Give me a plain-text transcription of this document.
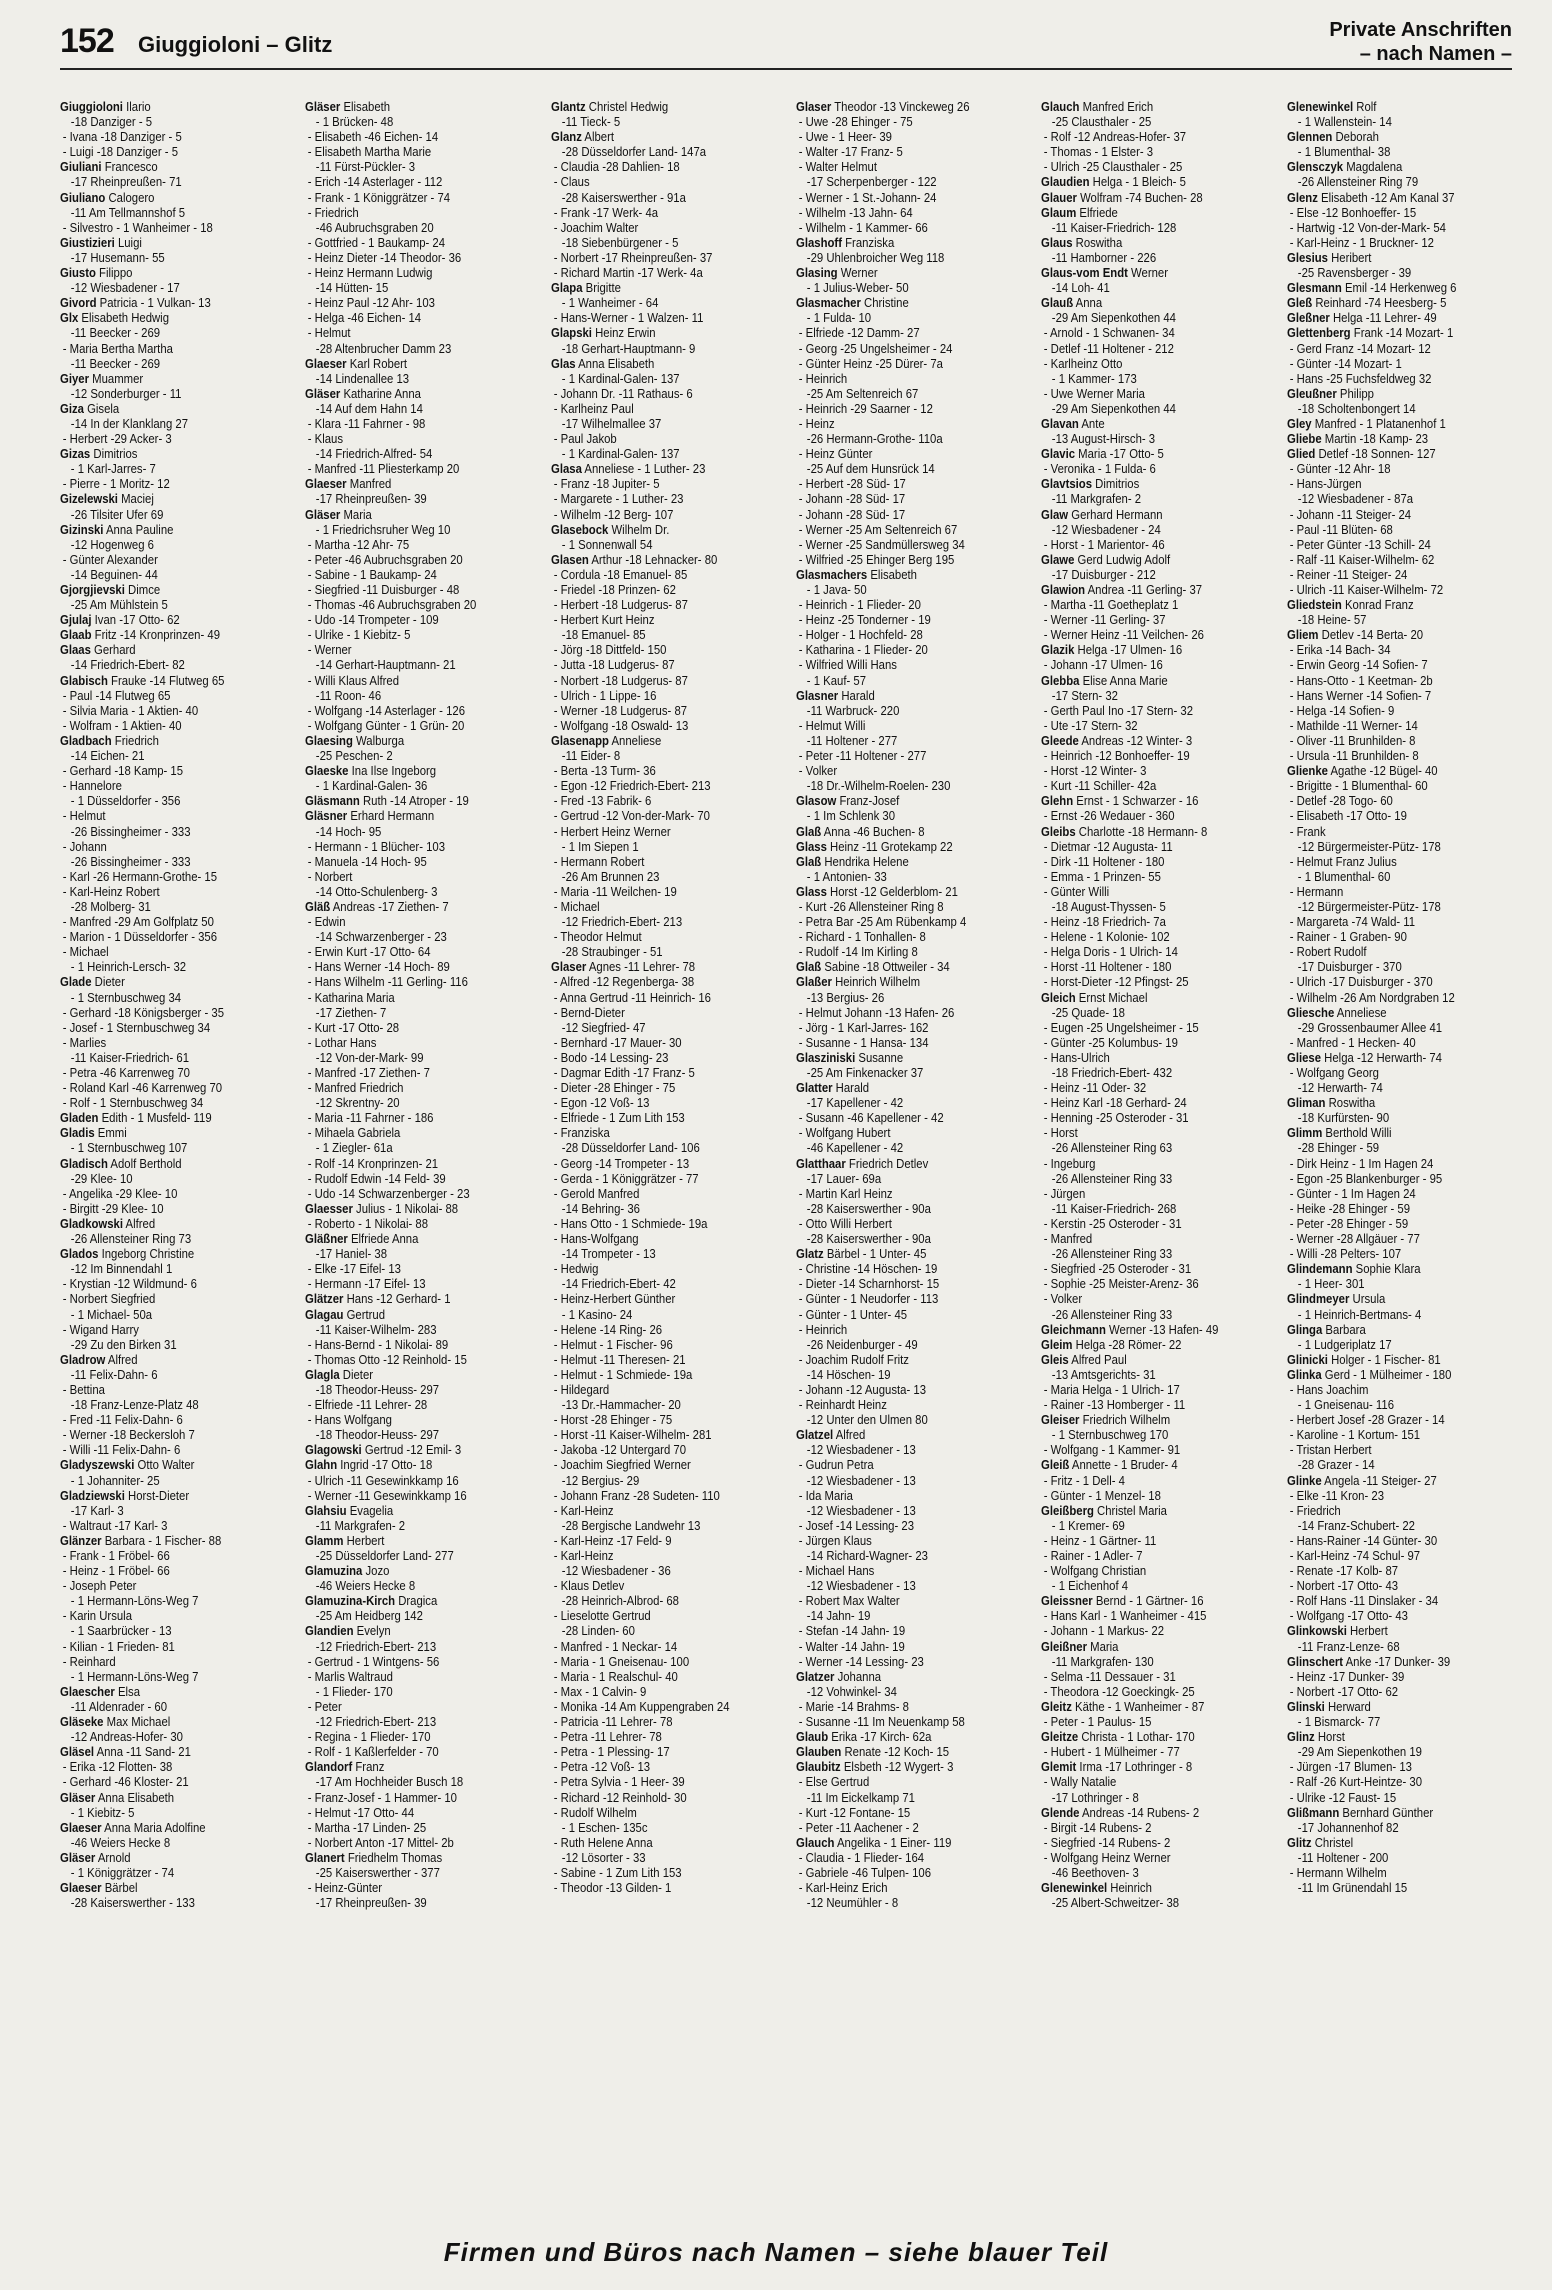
152 Giuggioloni – Glitz
Private Anschriften
– nach Namen –
Giuggioloni Ilario
-18 Danziger - 5
- Ivana -18 Danziger - 5
- Luigi -18 Danziger - 5
Giuliani Francesco
-17 Rheinpreußen- 71
Giuliano Calogero
-11 Am Tellmannshof 5
- Silvestro - 1 Wanheimer - 18
Giustizieri Luigi
-17 Husemann- 55
Giusto Filippo
-12 Wiesbadener - 17
Givord Patricia - 1 Vulkan- 13
Glx Elisabeth Hedwig
-11 Beecker - 269
- Maria Bertha Martha
-11 Beecker - 269
Giyer Muammer
-12 Sonderburger - 11
Giza Gisela
-14 In der Klanklang 27
- Herbert -29 Acker- 3
Gizas Dimitrios
- 1 Karl-Jarres- 7
- Pierre - 1 Moritz- 12
Gizelewski Maciej
-26 Tilsiter Ufer 69
Gizinski Anna Pauline
-12 Hogenweg 6
- Günter Alexander
-14 Beguinen- 44
Gjorgjievski Dimce
-25 Am Mühlstein 5
Gjulaj Ivan -17 Otto- 62
Glaab Fritz -14 Kronprinzen- 49
Glaas Gerhard
-14 Friedrich-Ebert- 82
Glabisch Frauke -14 Flutweg 65
- Paul -14 Flutweg 65
- Silvia Maria - 1 Aktien- 40
- Wolfram - 1 Aktien- 40
Gladbach Friedrich
-14 Eichen- 21
- Gerhard -18 Kamp- 15
- Hannelore
- 1 Düsseldorfer - 356
- Helmut
-26 Bissingheimer - 333
- Johann
-26 Bissingheimer - 333
- Karl -26 Hermann-Grothe- 15
- Karl-Heinz Robert
-28 Molberg- 31
- Manfred -29 Am Golfplatz 50
- Marion - 1 Düsseldorfer - 356
- Michael
- 1 Heinrich-Lersch- 32
Glade Dieter
- 1 Sternbuschweg 34
- Gerhard -18 Königsberger - 35
- Josef - 1 Sternbuschweg 34
- Marlies
-11 Kaiser-Friedrich- 61
- Petra -46 Karrenweg 70
- Roland Karl -46 Karrenweg 70
- Rolf - 1 Sternbuschweg 34
Gladen Edith - 1 Musfeld- 119
Gladis Emmi
- 1 Sternbuschweg 107
Gladisch Adolf Berthold
-29 Klee- 10
- Angelika -29 Klee- 10
- Birgitt -29 Klee- 10
Gladkowski Alfred
-26 Allensteiner Ring 73
Glados Ingeborg Christine
-12 Im Binnendahl 1
- Krystian -12 Wildmund- 6
- Norbert Siegfried
- 1 Michael- 50a
- Wigand Harry
-29 Zu den Birken 31
Gladrow Alfred
-11 Felix-Dahn- 6
- Bettina
-18 Franz-Lenze-Platz 48
- Fred -11 Felix-Dahn- 6
- Werner -18 Beckersloh 7
- Willi -11 Felix-Dahn- 6
Gladyszewski Otto Walter
- 1 Johanniter- 25
Gladziewski Horst-Dieter
-17 Karl- 3
- Waltraut -17 Karl- 3
Glänzer Barbara - 1 Fischer- 88
- Frank - 1 Fröbel- 66
- Heinz - 1 Fröbel- 66
- Joseph Peter
- 1 Hermann-Löns-Weg 7
- Karin Ursula
- 1 Saarbrücker - 13
- Kilian - 1 Frieden- 81
- Reinhard
- 1 Hermann-Löns-Weg 7
Glaescher Elsa
-11 Aldenrader - 60
Gläseke Max Michael
-12 Andreas-Hofer- 30
Gläsel Anna -11 Sand- 21
- Erika -12 Flotten- 38
- Gerhard -46 Kloster- 21
Gläser Anna Elisabeth
- 1 Kiebitz- 5
Glaeser Anna Maria Adolfine
-46 Weiers Hecke 8
Gläser Arnold
- 1 Königgrätzer - 74
Glaeser Bärbel
-28 Kaiserswerther - 133
Gläser Elisabeth
- 1 Brücken- 48
- Elisabeth -46 Eichen- 14
- Elisabeth Martha Marie
-11 Fürst-Pückler- 3
- Erich -14 Asterlager - 112
- Frank - 1 Königgrätzer - 74
- Friedrich
-46 Aubruchsgraben 20
- Gottfried - 1 Baukamp- 24
- Heinz Dieter -14 Theodor- 36
- Heinz Hermann Ludwig
-14 Hütten- 15
- Heinz Paul -12 Ahr- 103
- Helga -46 Eichen- 14
- Helmut
-28 Altenbrucher Damm 23
Glaeser Karl Robert
-14 Lindenallee 13
Gläser Katharine Anna
-14 Auf dem Hahn 14
- Klara -11 Fahrner - 98
- Klaus
-14 Friedrich-Alfred- 54
- Manfred -11 Pliesterkamp 20
Glaeser Manfred
-17 Rheinpreußen- 39
Gläser Maria
- 1 Friedrichsruher Weg 10
- Martha -12 Ahr- 75
- Peter -46 Aubruchsgraben 20
- Sabine - 1 Baukamp- 24
- Siegfried -11 Duisburger - 48
- Thomas -46 Aubruchsgraben 20
- Udo -14 Trompeter - 109
- Ulrike - 1 Kiebitz- 5
- Werner
-14 Gerhart-Hauptmann- 21
- Willi Klaus Alfred
-11 Roon- 46
- Wolfgang -14 Asterlager - 126
- Wolfgang Günter - 1 Grün- 20
Glaesing Walburga
-25 Peschen- 2
Glaeske Ina Ilse Ingeborg
- 1 Kardinal-Galen- 36
Gläsmann Ruth -14 Atroper - 19
Gläsner Erhard Hermann
-14 Hoch- 95
- Hermann - 1 Blücher- 103
- Manuela -14 Hoch- 95
- Norbert
-14 Otto-Schulenberg- 3
Gläß Andreas -17 Ziethen- 7
- Edwin
-14 Schwarzenberger - 23
- Erwin Kurt -17 Otto- 64
- Hans Werner -14 Hoch- 89
- Hans Wilhelm -11 Gerling- 116
- Katharina Maria
-17 Ziethen- 7
- Kurt -17 Otto- 28
- Lothar Hans
-12 Von-der-Mark- 99
- Manfred -17 Ziethen- 7
- Manfred Friedrich
-12 Skrentny- 20
- Maria -11 Fahrner - 186
- Mihaela Gabriela
- 1 Ziegler- 61a
- Rolf -14 Kronprinzen- 21
- Rudolf Edwin -14 Feld- 39
- Udo -14 Schwarzenberger - 23
Glaesser Julius - 1 Nikolai- 88
- Roberto - 1 Nikolai- 88
Gläßner Elfriede Anna
-17 Haniel- 38
- Elke -17 Eifel- 13
- Hermann -17 Eifel- 13
Glätzer Hans -12 Gerhard- 1
Glagau Gertrud
-11 Kaiser-Wilhelm- 283
- Hans-Bernd - 1 Nikolai- 89
- Thomas Otto -12 Reinhold- 15
Glagla Dieter
-18 Theodor-Heuss- 297
- Elfriede -11 Lehrer- 28
- Hans Wolfgang
-18 Theodor-Heuss- 297
Glagowski Gertrud -12 Emil- 3
Glahn Ingrid -17 Otto- 18
- Ulrich -11 Gesewinkkamp 16
- Werner -11 Gesewinkkamp 16
Glahsiu Evagelia
-11 Markgrafen- 2
Glamm Herbert
-25 Düsseldorfer Land- 277
Glamuzina Jozo
-46 Weiers Hecke 8
Glamuzina-Kirch Dragica
-25 Am Heidberg 142
Glandien Evelyn
-12 Friedrich-Ebert- 213
- Gertrud - 1 Wintgens- 56
- Marlis Waltraud
- 1 Flieder- 170
- Peter
-12 Friedrich-Ebert- 213
- Regina - 1 Flieder- 170
- Rolf - 1 Kaßlerfelder - 70
Glandorf Franz
-17 Am Hochheider Busch 18
- Franz-Josef - 1 Hammer- 10
- Helmut -17 Otto- 44
- Martha -17 Linden- 25
- Norbert Anton -17 Mittel- 2b
Glanert Friedhelm Thomas
-25 Kaiserswerther - 377
- Heinz-Günter
-17 Rheinpreußen- 39
Glantz Christel Hedwig
-11 Tieck- 5
Glanz Albert
-28 Düsseldorfer Land- 147a
- Claudia -28 Dahlien- 18
- Claus
-28 Kaiserswerther - 91a
- Frank -17 Werk- 4a
- Joachim Walter
-18 Siebenbürgener - 5
- Norbert -17 Rheinpreußen- 37
- Richard Martin -17 Werk- 4a
Glapa Brigitte
- 1 Wanheimer - 64
- Hans-Werner - 1 Walzen- 11
Glapski Heinz Erwin
-18 Gerhart-Hauptmann- 9
Glas Anna Elisabeth
- 1 Kardinal-Galen- 137
- Johann Dr. -11 Rathaus- 6
- Karlheinz Paul
-17 Wilhelmallee 37
- Paul Jakob
- 1 Kardinal-Galen- 137
Glasa Anneliese - 1 Luther- 23
- Franz -18 Jupiter- 5
- Margarete - 1 Luther- 23
- Wilhelm -12 Berg- 107
Glasebock Wilhelm Dr.
- 1 Sonnenwall 54
Glasen Arthur -18 Lehnacker- 80
- Cordula -18 Emanuel- 85
- Friedel -18 Prinzen- 62
- Herbert -18 Ludgerus- 87
- Herbert Kurt Heinz
-18 Emanuel- 85
- Jörg -18 Dittfeld- 150
- Jutta -18 Ludgerus- 87
- Norbert -18 Ludgerus- 87
- Ulrich - 1 Lippe- 16
- Werner -18 Ludgerus- 87
- Wolfgang -18 Oswald- 13
Glasenapp Anneliese
-11 Eider- 8
- Berta -13 Turm- 36
- Egon -12 Friedrich-Ebert- 213
- Fred -13 Fabrik- 6
- Gertrud -12 Von-der-Mark- 70
- Herbert Heinz Werner
- 1 Im Siepen 1
- Hermann Robert
-26 Am Brunnen 23
- Maria -11 Weilchen- 19
- Michael
-12 Friedrich-Ebert- 213
- Theodor Helmut
-28 Straubinger - 51
Glaser Agnes -11 Lehrer- 78
- Alfred -12 Regenberga- 38
- Anna Gertrud -11 Heinrich- 16
- Bernd-Dieter
-12 Siegfried- 47
- Bernhard -17 Mauer- 30
- Bodo -14 Lessing- 23
- Dagmar Edith -17 Franz- 5
- Dieter -28 Ehinger - 75
- Egon -12 Voß- 13
- Elfriede - 1 Zum Lith 153
- Franziska
-28 Düsseldorfer Land- 106
- Georg -14 Trompeter - 13
- Gerda - 1 Königgrätzer - 77
- Gerold Manfred
-14 Behring- 36
- Hans Otto - 1 Schmiede- 19a
- Hans-Wolfgang
-14 Trompeter - 13
- Hedwig
-14 Friedrich-Ebert- 42
- Heinz-Herbert Günther
- 1 Kasino- 24
- Helene -14 Ring- 26
- Helmut - 1 Fischer- 96
- Helmut -11 Theresen- 21
- Helmut - 1 Schmiede- 19a
- Hildegard
-13 Dr.-Hammacher- 20
- Horst -28 Ehinger - 75
- Horst -11 Kaiser-Wilhelm- 281
- Jakoba -12 Untergard 70
- Joachim Siegfried Werner
-12 Bergius- 29
- Johann Franz -28 Sudeten- 110
- Karl-Heinz
-28 Bergische Landwehr 13
- Karl-Heinz -17 Feld- 9
- Karl-Heinz
-12 Wiesbadener - 36
- Klaus Detlev
-28 Heinrich-Albrod- 68
- Lieselotte Gertrud
-28 Linden- 60
- Manfred - 1 Neckar- 14
- Maria - 1 Gneisenau- 100
- Maria - 1 Realschul- 40
- Max - 1 Calvin- 9
- Monika -14 Am Kuppengraben 24
- Patricia -11 Lehrer- 78
- Petra -11 Lehrer- 78
- Petra - 1 Plessing- 17
- Petra -12 Voß- 13
- Petra Sylvia - 1 Heer- 39
- Richard -12 Reinhold- 30
- Rudolf Wilhelm
- 1 Eschen- 135c
- Ruth Helene Anna
-12 Lösorter - 33
- Sabine - 1 Zum Lith 153
- Theodor -13 Gilden- 1
Glaser Theodor -13 Vinckeweg 26
- Uwe -28 Ehinger - 75
- Uwe - 1 Heer- 39
- Walter -17 Franz- 5
- Walter Helmut
-17 Scherpenberger - 122
- Werner - 1 St.-Johann- 24
- Wilhelm -13 Jahn- 64
- Wilhelm - 1 Kammer- 66
Glashoff Franziska
-29 Uhlenbroicher Weg 118
Glasing Werner
- 1 Julius-Weber- 50
Glasmacher Christine
- 1 Fulda- 10
- Elfriede -12 Damm- 27
- Georg -25 Ungelsheimer - 24
- Günter Heinz -25 Dürer- 7a
- Heinrich
-25 Am Seltenreich 67
- Heinrich -29 Saarner - 12
- Heinz
-26 Hermann-Grothe- 110a
- Heinz Günter
-25 Auf dem Hunsrück 14
- Herbert -28 Süd- 17
- Johann -28 Süd- 17
- Johann -28 Süd- 17
- Werner -25 Am Seltenreich 67
- Werner -25 Sandmüllersweg 34
- Wilfried -25 Ehinger Berg 195
Glasmachers Elisabeth
- 1 Java- 50
- Heinrich - 1 Flieder- 20
- Heinz -25 Tonderner - 19
- Holger - 1 Hochfeld- 28
- Katharina - 1 Flieder- 20
- Wilfried Willi Hans
- 1 Kauf- 57
Glasner Harald
-11 Warbruck- 220
- Helmut Willi
-11 Holtener - 277
- Peter -11 Holtener - 277
- Volker
-18 Dr.-Wilhelm-Roelen- 230
Glasow Franz-Josef
- 1 Im Schlenk 30
Glaß Anna -46 Buchen- 8
Glass Heinz -11 Grotekamp 22
Glaß Hendrika Helene
- 1 Antonien- 33
Glass Horst -12 Gelderblom- 21
- Kurt -26 Allensteiner Ring 8
- Petra Bar -25 Am Rübenkamp 4
- Richard - 1 Tonhallen- 8
- Rudolf -14 Im Kirling 8
Glaß Sabine -18 Ottweiler - 34
Glaßer Heinrich Wilhelm
-13 Bergius- 26
- Helmut Johann -13 Hafen- 26
- Jörg - 1 Karl-Jarres- 162
- Susanne - 1 Hansa- 134
Glasziniski Susanne
-25 Am Finkenacker 37
Glatter Harald
-17 Kapellener - 42
- Susann -46 Kapellener - 42
- Wolfgang Hubert
-46 Kapellener - 42
Glatthaar Friedrich Detlev
-17 Lauer- 69a
- Martin Karl Heinz
-28 Kaiserswerther - 90a
- Otto Willi Herbert
-28 Kaiserswerther - 90a
Glatz Bärbel - 1 Unter- 45
- Christine -14 Höschen- 19
- Dieter -14 Scharnhorst- 15
- Günter - 1 Neudorfer - 113
- Günter - 1 Unter- 45
- Heinrich
-26 Neidenburger - 49
- Joachim Rudolf Fritz
-14 Höschen- 19
- Johann -12 Augusta- 13
- Reinhardt Heinz
-12 Unter den Ulmen 80
Glatzel Alfred
-12 Wiesbadener - 13
- Gudrun Petra
-12 Wiesbadener - 13
- Ida Maria
-12 Wiesbadener - 13
- Josef -14 Lessing- 23
- Jürgen Klaus
-14 Richard-Wagner- 23
- Michael Hans
-12 Wiesbadener - 13
- Robert Max Walter
-14 Jahn- 19
- Stefan -14 Jahn- 19
- Walter -14 Jahn- 19
- Werner -14 Lessing- 23
Glatzer Johanna
-12 Vohwinkel- 34
- Marie -14 Brahms- 8
- Susanne -11 Im Neuenkamp 58
Glaub Erika -17 Kirch- 62a
Glauben Renate -12 Koch- 15
Glaubitz Elsbeth -12 Wygert- 3
- Else Gertrud
-11 Im Eickelkamp 71
- Kurt -12 Fontane- 15
- Peter -11 Aachener - 2
Glauch Angelika - 1 Einer- 119
- Claudia - 1 Flieder- 164
- Gabriele -46 Tulpen- 106
- Karl-Heinz Erich
-12 Neumühler - 8
Glauch Manfred Erich
-25 Clausthaler - 25
- Rolf -12 Andreas-Hofer- 37
- Thomas - 1 Elster- 3
- Ulrich -25 Clausthaler - 25
Glaudien Helga - 1 Bleich- 5
Glauer Wolfram -74 Buchen- 28
Glaum Elfriede
-11 Kaiser-Friedrich- 128
Glaus Roswitha
-11 Hamborner - 226
Glaus-vom Endt Werner
-14 Loh- 41
Glauß Anna
-29 Am Siepenkothen 44
- Arnold - 1 Schwanen- 34
- Detlef -11 Holtener - 212
- Karlheinz Otto
- 1 Kammer- 173
- Uwe Werner Maria
-29 Am Siepenkothen 44
Glavan Ante
-13 August-Hirsch- 3
Glavic Maria -17 Otto- 5
- Veronika - 1 Fulda- 6
Glavtsios Dimitrios
-11 Markgrafen- 2
Glaw Gerhard Hermann
-12 Wiesbadener - 24
- Horst - 1 Marientor- 46
Glawe Gerd Ludwig Adolf
-17 Duisburger - 212
Glawion Andrea -11 Gerling- 37
- Martha -11 Goetheplatz 1
- Werner -11 Gerling- 37
- Werner Heinz -11 Veilchen- 26
Glazik Helga -17 Ulmen- 16
- Johann -17 Ulmen- 16
Glebba Elise Anna Marie
-17 Stern- 32
- Gerth Paul Ino -17 Stern- 32
- Ute -17 Stern- 32
Gleede Andreas -12 Winter- 3
- Heinrich -12 Bonhoeffer- 19
- Horst -12 Winter- 3
- Kurt -11 Schiller- 42a
Glehn Ernst - 1 Schwarzer - 16
- Ernst -26 Wedauer - 360
Gleibs Charlotte -18 Hermann- 8
- Dietmar -12 Augusta- 11
- Dirk -11 Holtener - 180
- Emma - 1 Prinzen- 55
- Günter Willi
-18 August-Thyssen- 5
- Heinz -18 Friedrich- 7a
- Helene - 1 Kolonie- 102
- Helga Doris - 1 Ulrich- 14
- Horst -11 Holtener - 180
- Horst-Dieter -12 Pfingst- 25
Gleich Ernst Michael
-25 Quade- 18
- Eugen -25 Ungelsheimer - 15
- Günter -25 Kolumbus- 19
- Hans-Ulrich
-18 Friedrich-Ebert- 432
- Heinz -11 Oder- 32
- Heinz Karl -18 Gerhard- 24
- Henning -25 Osteroder - 31
- Horst
-26 Allensteiner Ring 63
- Ingeburg
-26 Allensteiner Ring 33
- Jürgen
-11 Kaiser-Friedrich- 268
- Kerstin -25 Osteroder - 31
- Manfred
-26 Allensteiner Ring 33
- Siegfried -25 Osteroder - 31
- Sophie -25 Meister-Arenz- 36
- Volker
-26 Allensteiner Ring 33
Gleichmann Werner -13 Hafen- 49
Gleim Helga -28 Römer- 22
Gleis Alfred Paul
-13 Amtsgerichts- 31
- Maria Helga - 1 Ulrich- 17
- Rainer -13 Homberger - 11
Gleiser Friedrich Wilhelm
- 1 Sternbuschweg 170
- Wolfgang - 1 Kammer- 91
Gleiß Annette - 1 Bruder- 4
- Fritz - 1 Dell- 4
- Günter - 1 Menzel- 18
Gleißberg Christel Maria
- 1 Kremer- 69
- Heinz - 1 Gärtner- 11
- Rainer - 1 Adler- 7
- Wolfgang Christian
- 1 Eichenhof 4
Gleissner Bernd - 1 Gärtner- 16
- Hans Karl - 1 Wanheimer - 415
- Johann - 1 Markus- 22
Gleißner Maria
-11 Markgrafen- 130
- Selma -11 Dessauer - 31
- Theodora -12 Goeckingk- 25
Gleitz Käthe - 1 Wanheimer - 87
- Peter - 1 Paulus- 15
Gleitze Christa - 1 Lothar- 170
- Hubert - 1 Mülheimer - 77
Glemit Irma -17 Lothringer - 8
- Wally Natalie
-17 Lothringer - 8
Glende Andreas -14 Rubens- 2
- Birgit -14 Rubens- 2
- Siegfried -14 Rubens- 2
- Wolfgang Heinz Werner
-46 Beethoven- 3
Glenewinkel Heinrich
-25 Albert-Schweitzer- 38
Glenewinkel Rolf
- 1 Wallenstein- 14
Glennen Deborah
- 1 Blumenthal- 38
Glensczyk Magdalena
-26 Allensteiner Ring 79
Glenz Elisabeth -12 Am Kanal 37
- Else -12 Bonhoeffer- 15
- Hartwig -12 Von-der-Mark- 54
- Karl-Heinz - 1 Bruckner- 12
Glesius Heribert
-25 Ravensberger - 39
Glesmann Emil -14 Herkenweg 6
Gleß Reinhard -74 Heesberg- 5
Gleßner Helga -11 Lehrer- 49
Glettenberg Frank -14 Mozart- 1
- Gerd Franz -14 Mozart- 12
- Günter -14 Mozart- 1
- Hans -25 Fuchsfeldweg 32
Gleußner Philipp
-18 Scholtenbongert 14
Gley Manfred - 1 Platanenhof 1
Gliebe Martin -18 Kamp- 23
Glied Detlef -18 Sonnen- 127
- Günter -12 Ahr- 18
- Hans-Jürgen
-12 Wiesbadener - 87a
- Johann -11 Steiger- 24
- Paul -11 Blüten- 68
- Peter Günter -13 Schill- 24
- Ralf -11 Kaiser-Wilhelm- 62
- Reiner -11 Steiger- 24
- Ulrich -11 Kaiser-Wilhelm- 72
Gliedstein Konrad Franz
-18 Heine- 57
Gliem Detlev -14 Berta- 20
- Erika -14 Bach- 34
- Erwin Georg -14 Sofien- 7
- Hans-Otto - 1 Keetman- 2b
- Hans Werner -14 Sofien- 7
- Helga -14 Sofien- 9
- Mathilde -11 Werner- 14
- Oliver -11 Brunhilden- 8
- Ursula -11 Brunhilden- 8
Glienke Agathe -12 Bügel- 40
- Brigitte - 1 Blumenthal- 60
- Detlef -28 Togo- 60
- Elisabeth -17 Otto- 19
- Frank
-12 Bürgermeister-Pütz- 178
- Helmut Franz Julius
- 1 Blumenthal- 60
- Hermann
-12 Bürgermeister-Pütz- 178
- Margareta -74 Wald- 11
- Rainer - 1 Graben- 90
- Robert Rudolf
-17 Duisburger - 370
- Ulrich -17 Duisburger - 370
- Wilhelm -26 Am Nordgraben 12
Gliesche Anneliese
-29 Grossenbaumer Allee 41
- Manfred - 1 Hecken- 40
Gliese Helga -12 Herwarth- 74
- Wolfgang Georg
-12 Herwarth- 74
Gliman Roswitha
-18 Kurfürsten- 90
Glimm Berthold Willi
-28 Ehinger - 59
- Dirk Heinz - 1 Im Hagen 24
- Egon -25 Blankenburger - 95
- Günter - 1 Im Hagen 24
- Heike -28 Ehinger - 59
- Peter -28 Ehinger - 59
- Werner -28 Allgäuer - 77
- Willi -28 Pelters- 107
Glindemann Sophie Klara
- 1 Heer- 301
Glindmeyer Ursula
- 1 Heinrich-Bertmans- 4
Glinga Barbara
- 1 Ludgeriplatz 17
Glinicki Holger - 1 Fischer- 81
Glinka Gerd - 1 Mülheimer - 180
- Hans Joachim
- 1 Gneisenau- 116
- Herbert Josef -28 Grazer - 14
- Karoline - 1 Kortum- 151
- Tristan Herbert
-28 Grazer - 14
Glinke Angela -11 Steiger- 27
- Elke -11 Kron- 23
- Friedrich
-14 Franz-Schubert- 22
- Hans-Rainer -14 Günter- 30
- Karl-Heinz -74 Schul- 97
- Renate -17 Kolb- 87
- Norbert -17 Otto- 43
- Rolf Hans -11 Dinslaker - 34
- Wolfgang -17 Otto- 43
Glinkowski Herbert
-11 Franz-Lenze- 68
Glinschert Anke -17 Dunker- 39
- Heinz -17 Dunker- 39
- Norbert -17 Otto- 62
Glinski Herward
- 1 Bismarck- 77
Glinz Horst
-29 Am Siepenkothen 19
- Jürgen -17 Blumen- 13
- Ralf -26 Kurt-Heintze- 30
- Ulrike -12 Faust- 15
Glißmann Bernhard Günther
-17 Johannenhof 82
Glitz Christel
-11 Holtener - 200
- Hermann Wilhelm
-11 Im Grünendahl 15
Firmen und Büros nach Namen – siehe blauer Teil
